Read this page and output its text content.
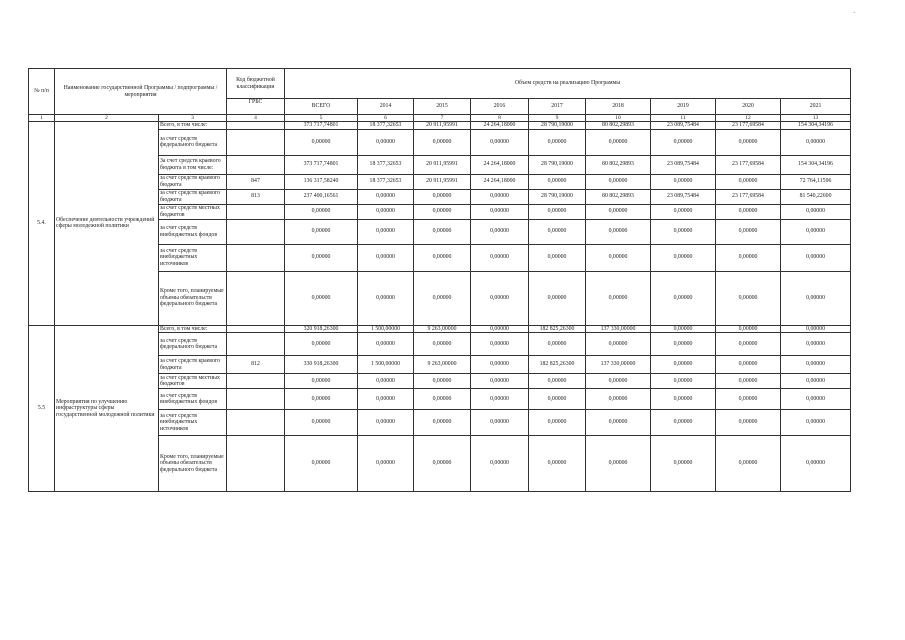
·
№ п/п	Наименование государственной Программы / подпрограммы / мероприятия		Код бюджетной классификации	Объем средств на реализацию Программы								
			ГРБС	ВСЕГО	2014	2015	2016	2017	2018	2019	2020	2021
1	2	3	4	5	6	7	8	9	10	11	12	13
5.4.	Обеспечение деятельности учреждений сферы молодежной политики	Всего, в том числе:		373 717,74801	18 377,32653	20 911,95991	24 264,18000	28 790,19000	80 802,29893	23 089,75484	23 177,69584	154 304,34196
		за счет средств федерального бюджета		0,00000	0,00000	0,00000	0,00000	0,00000	0,00000	0,00000	0,00000	0,00000
		За счет средств краевого бюджета в том числе:		373 717,74801	18 377,32653	20 911,95991	24 264,18000	28 790,19000	80 802,29893	23 089,75484	23 177,69584	154 304,34196
		за счет средств краевого бюджета	847	136 317,58240	18 377,32653	20 911,95991	24 264,18000	0,00000	0,00000	0,00000	0,00000	72 764,11596
		за счет средств краевого бюджета	813	237 400,16561	0,00000	0,00000	0,00000	28 790,19000	80 802,29893	23 089,75484	23 177,69584	81 540,22600
		за счет средств местных бюджетов		0,00000	0,00000	0,00000	0,00000	0,00000	0,00000	0,00000	0,00000	0,00000
		за счет средств внебюджетных фондов		0,00000	0,00000	0,00000	0,00000	0,00000	0,00000	0,00000	0,00000	0,00000
		за счет средств внебюджетных источников		0,00000	0,00000	0,00000	0,00000	0,00000	0,00000	0,00000	0,00000	0,00000
		Кроме того, планируемые объемы обязательств федерального бюджета		0,00000	0,00000	0,00000	0,00000	0,00000	0,00000	0,00000	0,00000	0,00000
5.5	Мероприятия по улучшению инфраструктуры сферы государственной молодежной политики	Всего, в том числе:		320 918,26300	1 500,00000	9 263,00000	0,00000	182 825,26300	137 330,00000	0,00000	0,00000	0,00000
		за счет средств федерального бюджета		0,00000	0,00000	0,00000	0,00000	0,00000	0,00000	0,00000	0,00000	0,00000
		за счет средств краевого бюджета	812	330 918,26300	1 500,00000	9 263,00000	0,00000	182 825,26300	137 330,00000	0,00000	0,00000	0,00000
		за счет средств местных бюджетов		0,00000	0,00000	0,00000	0,00000	0,00000	0,00000	0,00000	0,00000	0,00000
		за счет средств внебюджетных фондов		0,00000	0,00000	0,00000	0,00000	0,00000	0,00000	0,00000	0,00000	0,00000
		за счет средств внебюджетных источников		0,00000	0,00000	0,00000	0,00000	0,00000	0,00000	0,00000	0,00000	0,00000
		Кроме того, планируемые объемы обязательств федерального бюджета		0,00000	0,00000	0,00000	0,00000	0,00000	0,00000	0,00000	0,00000	0,00000
